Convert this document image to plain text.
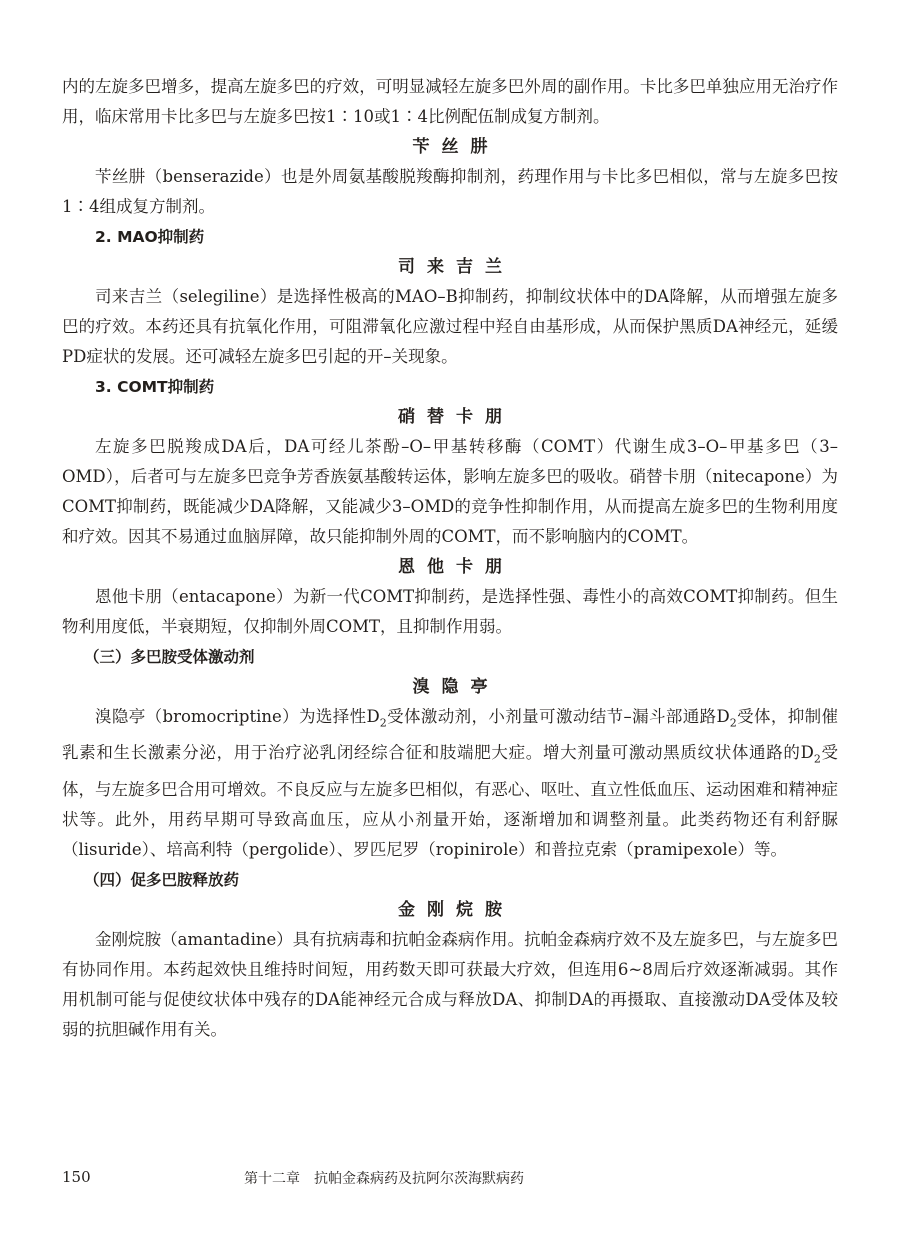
内的左旋多巴增多，提高左旋多巴的疗效，可明显减轻左旋多巴外周的副作用。卡比多巴单独应用无治疗作用，临床常用卡比多巴与左旋多巴按1∶10或1∶4比例配伍制成复方制剂。

苄丝肼

苄丝肼（benserazide）也是外周氨基酸脱羧酶抑制剂，药理作用与卡比多巴相似，常与左旋多巴按1∶4组成复方制剂。

2. MAO抑制药
司来吉兰

司来吉兰（selegiline）是选择性极高的MAO–B抑制药，抑制纹状体中的DA降解，从而增强左旋多巴的疗效。本药还具有抗氧化作用，可阻滞氧化应激过程中羟自由基形成，从而保护黑质DA神经元，延缓PD症状的发展。还可减轻左旋多巴引起的开–关现象。

3. COMT抑制药
硝替卡朋

左旋多巴脱羧成DA后，DA可经儿茶酚–O–甲基转移酶（COMT）代谢生成3–O–甲基多巴（3–OMD），后者可与左旋多巴竞争芳香族氨基酸转运体，影响左旋多巴的吸收。硝替卡朋（nitecapone）为COMT抑制药，既能减少DA降解，又能减少3–OMD的竞争性抑制作用，从而提高左旋多巴的生物利用度和疗效。因其不易通过血脑屏障，故只能抑制外周的COMT，而不影响脑内的COMT。

恩他卡朋

恩他卡朋（entacapone）为新一代COMT抑制药，是选择性强、毒性小的高效COMT抑制药。但生物利用度低，半衰期短，仅抑制外周COMT，且抑制作用弱。

（三）多巴胺受体激动剂
溴隐亭

溴隐亭（bromocriptine）为选择性$D_2$受体激动剂，小剂量可激动结节–漏斗部通路$D_2$受体，抑制催乳素和生长激素分泌，用于治疗泌乳闭经综合征和肢端肥大症。增大剂量可激动黑质纹状体通路的$D_2$受体，与左旋多巴合用可增效。不良反应与左旋多巴相似，有恶心、呕吐、直立性低血压、运动困难和精神症状等。此外，用药早期可导致高血压，应从小剂量开始，逐渐增加和调整剂量。此类药物还有利舒脲（lisuride）、培高利特（pergolide）、罗匹尼罗（ropinirole）和普拉克索（pramipexole）等。

（四）促多巴胺释放药
金刚烷胺

金刚烷胺（amantadine）具有抗病毒和抗帕金森病作用。抗帕金森病疗效不及左旋多巴，与左旋多巴有协同作用。本药起效快且维持时间短，用药数天即可获最大疗效，但连用6~8周后疗效逐渐减弱。其作用机制可能与促使纹状体中残存的DA能神经元合成与释放DA、抑制DA的再摄取、直接激动DA受体及较弱的抗胆碱作用有关。

150	第十二章　抗帕金森病药及抗阿尔茨海默病药
